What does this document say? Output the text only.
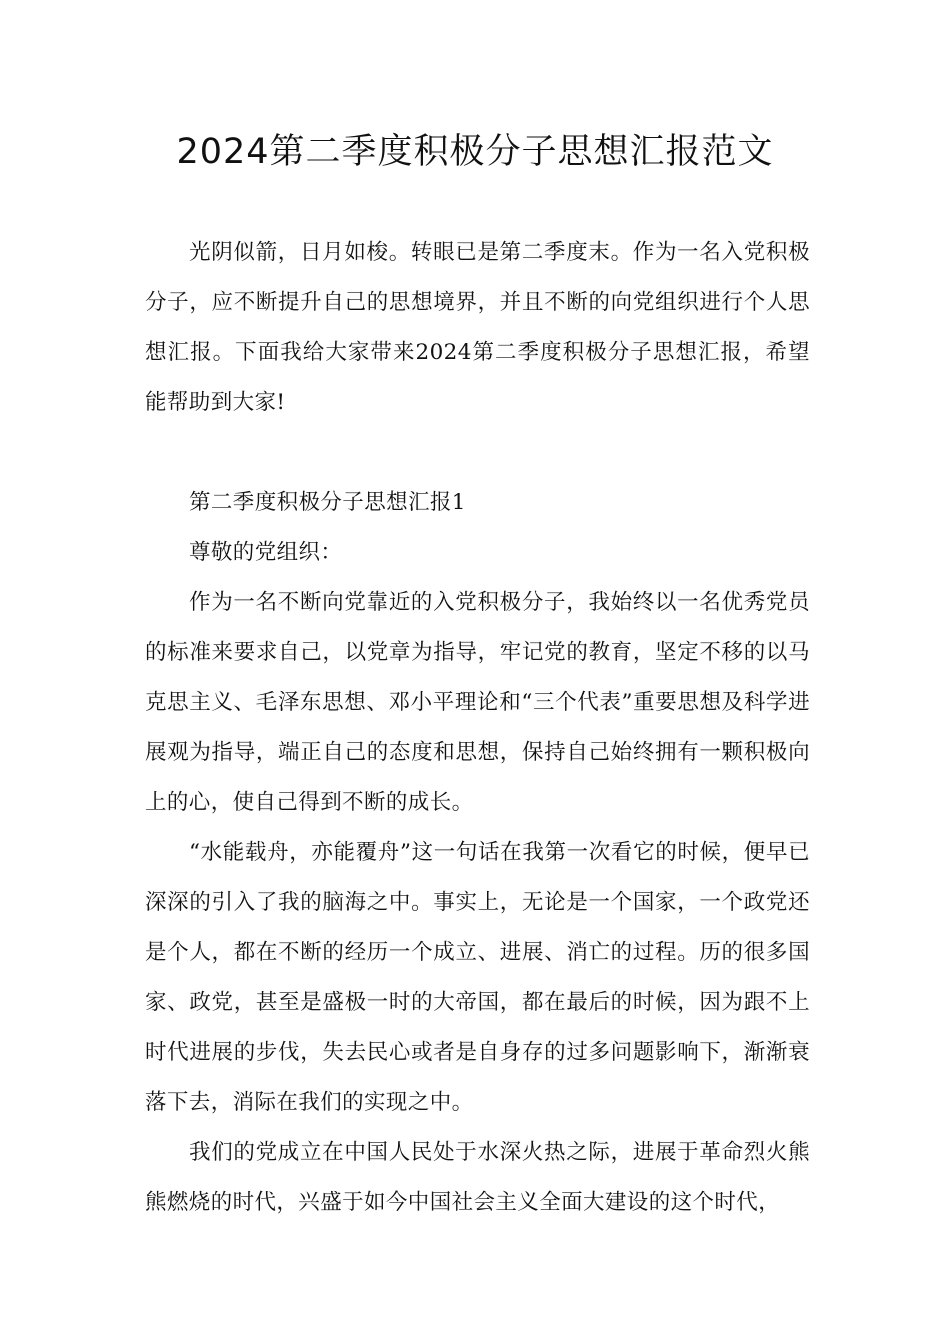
2024第二季度积极分子思想汇报范文

光阴似箭，日月如梭。转眼已是第二季度末。作为一名入党积极分子，应不断提升自己的思想境界，并且不断的向党组织进行个人思想汇报。下面我给大家带来2024第二季度积极分子思想汇报，希望能帮助到大家!

第二季度积极分子思想汇报1

尊敬的党组织：

作为一名不断向党靠近的入党积极分子，我始终以一名优秀党员的标准来要求自己，以党章为指导，牢记党的教育，坚定不移的以马克思主义、毛泽东思想、邓小平理论和“三个代表”重要思想及科学进展观为指导，端正自己的态度和思想，保持自己始终拥有一颗积极向上的心，使自己得到不断的成长。

“水能载舟，亦能覆舟”这一句话在我第一次看它的时候，便早已深深的引入了我的脑海之中。事实上，无论是一个国家，一个政党还是个人，都在不断的经历一个成立、进展、消亡的过程。历的很多国家、政党，甚至是盛极一时的大帝国，都在最后的时候，因为跟不上时代进展的步伐，失去民心或者是自身存的过多问题影响下，渐渐衰落下去，消际在我们的实现之中。

我们的党成立在中国人民处于水深火热之际，进展于革命烈火熊熊燃烧的时代，兴盛于如今中国社会主义全面大建设的这个时代，
